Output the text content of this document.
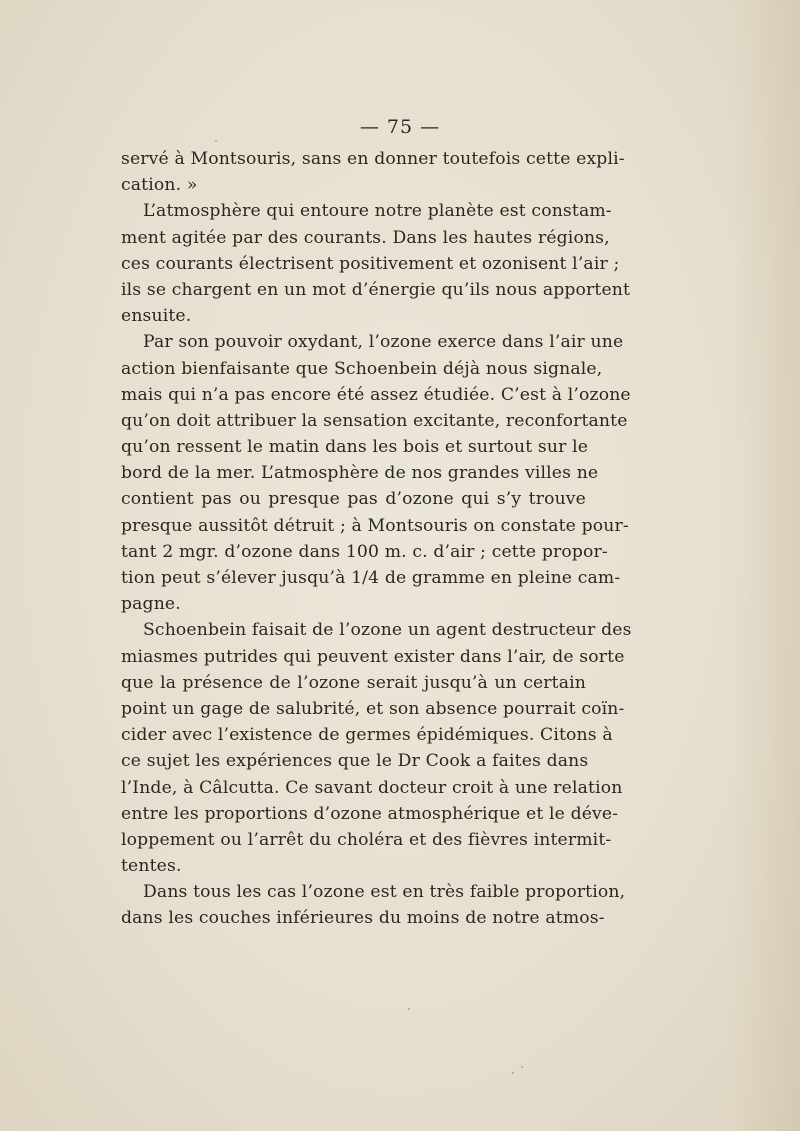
— 75 —
servé à Montsouris, sans en donner toutefois cette expli-
cation. »
L’atmosphère qui entoure notre planète est constam-
ment agitée par des courants. Dans les hautes régions,
ces courants électrisent positivement et ozonisent l’air ;
ils se chargent en un mot d’énergie qu’ils nous apportent
ensuite.
Par son pouvoir oxydant, l’ozone exerce dans l’air une
action bienfaisante que Schoenbein déjà nous signale,
mais qui n’a pas encore été assez étudiée. C’est à l’ozone
qu’on doit attribuer la sensation excitante, reconfortante
qu’on ressent le matin dans les bois et surtout sur le
bord de la mer. L’atmosphère de nos grandes villes ne
contient pas ou presque pas d’ozone qui s’y trouve
presque aussitôt détruit ; à Montsouris on constate pour-
tant 2 mgr. d’ozone dans 100 m. c. d’air ; cette propor-
tion peut s’élever jusqu’à 1/4 de gramme en pleine cam-
pagne.
Schoenbein faisait de l’ozone un agent destructeur des
miasmes putrides qui peuvent exister dans l’air, de sorte
que la présence de l’ozone serait jusqu’à un certain
point un gage de salubrité, et son absence pourrait coïn-
cider avec l’existence de germes épidémiques. Citons à
ce sujet les expériences que le Dr Cook a faites dans
l’Inde, à Câlcutta. Ce savant docteur croit à une relation
entre les proportions d’ozone atmosphérique et le déve-
loppement ou l’arrêt du choléra et des fièvres intermit-
tentes.
Dans tous les cas l’ozone est en très faible proportion,
dans les couches inférieures du moins de notre atmos-
